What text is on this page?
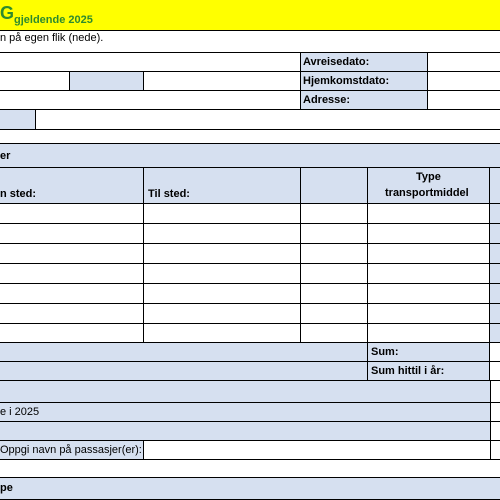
G gjeldende 2025
n på egen flik (nede).
Avreisedato:
Hjemkomstdato:
Adresse:
er
n sted:	Til sted:
Type
transportmiddel
Sum:
Sum hittil i år:
e i 2025
Oppgi navn på passasjer(er):
pe
